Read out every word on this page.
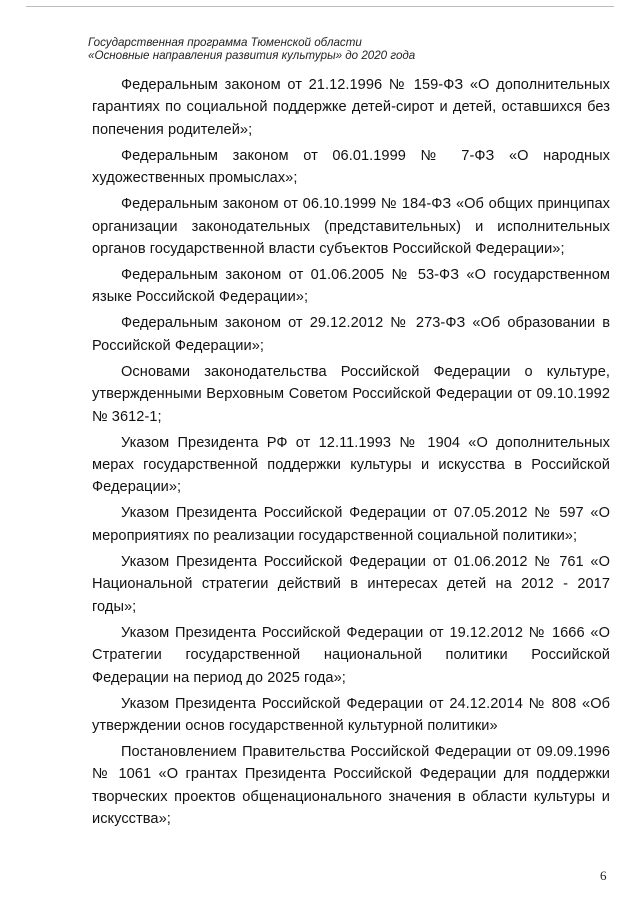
Государственная программа Тюменской области
«Основные направления развития культуры» до 2020 года

Федеральным законом от 21.12.1996 № 159-ФЗ «О дополнительных гарантиях по социальной поддержке детей-сирот и детей, оставшихся без попечения родителей»;

Федеральным законом от 06.01.1999 № 7-ФЗ «О народных художественных промыслах»;

Федеральным законом от 06.10.1999 № 184-ФЗ «Об общих принципах организации законодательных (представительных) и исполнительных органов государственной власти субъектов Российской Федерации»;

Федеральным законом от 01.06.2005 № 53-ФЗ «О государственном языке Российской Федерации»;

Федеральным законом от 29.12.2012 № 273-ФЗ «Об образовании в Российской Федерации»;

Основами законодательства Российской Федерации о культуре, утвержденными Верховным Советом Российской Федерации от 09.10.1992 № 3612-1;

Указом Президента РФ от 12.11.1993 № 1904 «О дополнительных мерах государственной поддержки культуры и искусства в Российской Федерации»;

Указом Президента Российской Федерации от 07.05.2012 № 597 «О мероприятиях по реализации государственной социальной политики»;

Указом Президента Российской Федерации от 01.06.2012 № 761 «О Национальной стратегии действий в интересах детей на 2012 - 2017 годы»;

Указом Президента Российской Федерации от 19.12.2012 № 1666 «О Стратегии государственной национальной политики Российской Федерации на период до 2025 года»;

Указом Президента Российской Федерации от 24.12.2014 № 808 «Об утверждении основ государственной культурной политики»

Постановлением Правительства Российской Федерации от 09.09.1996 № 1061 «О грантах Президента Российской Федерации для поддержки творческих проектов общенационального значения в области культуры и искусства»;

6
